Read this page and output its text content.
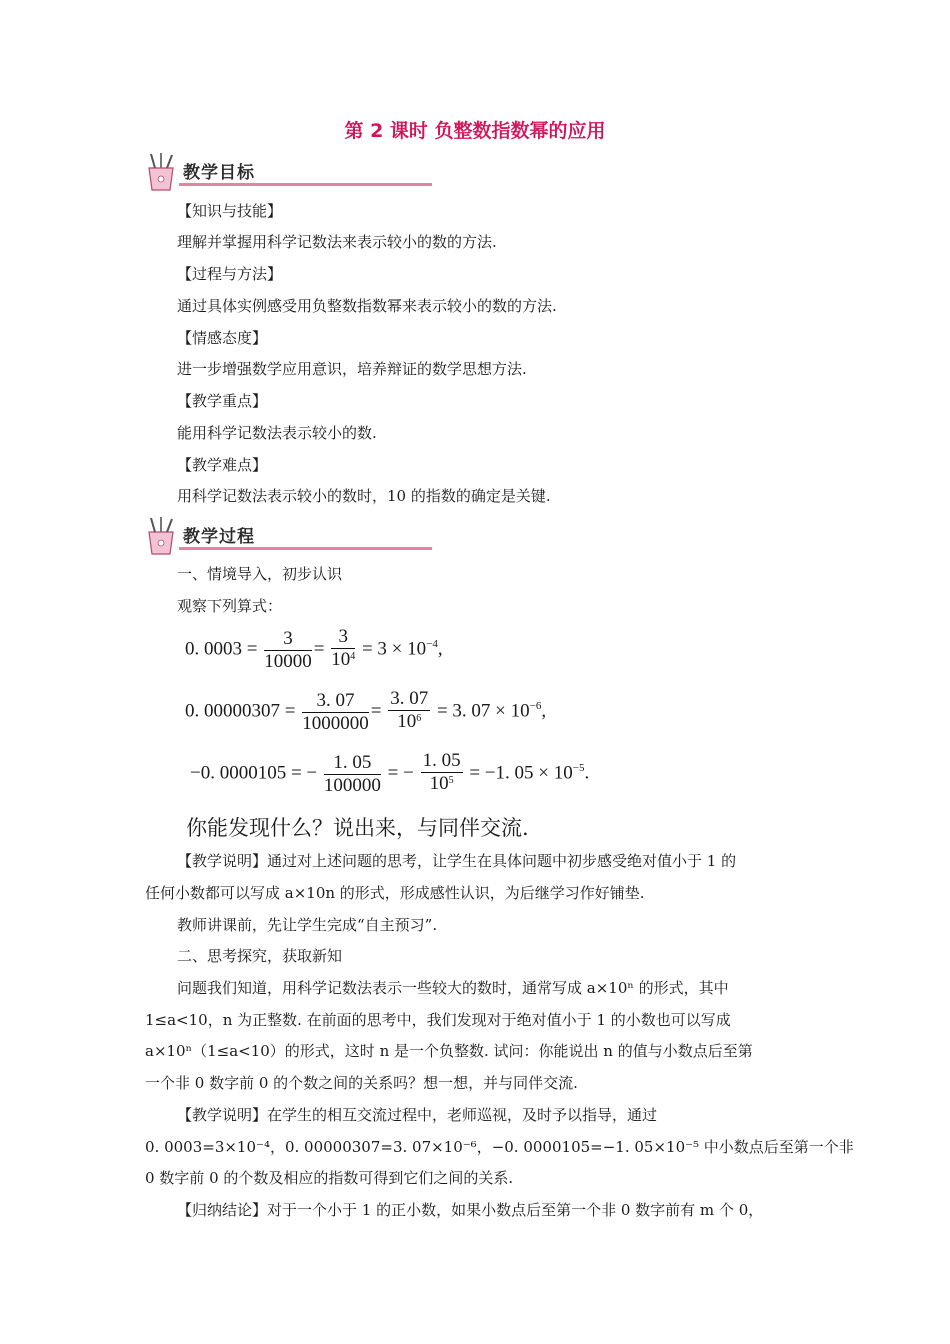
第 2 课时 负整数指数幂的应用
教学目标
【知识与技能】
理解并掌握用科学记数法来表示较小的数的方法.
【过程与方法】
通过具体实例感受用负整数指数幂来表示较小的数的方法.
【情感态度】
进一步增强数学应用意识，培养辩证的数学思想方法.
【教学重点】
能用科学记数法表示较小的数.
【教学难点】
用科学记数法表示较小的数时，10 的指数的确定是关键.
教学过程
一、情境导入，初步认识
观察下列算式：
0. $0003 = \frac{3}{10000} = \frac{3}{10^4} = 3 \times 10^{-4}$,
0. $00000307 = \frac{3. 07}{1000000} = \frac{3. 07}{10^6} = 3$. $07 \times 10^{-6}$,
−0. 0000105 = − $\frac{1. 05}{100000}$ = − $\frac{1. 05}{10^5} = -1$. $05 \times 10^{-5}$.
你能发现什么？说出来，与同伴交流.
【教学说明】通过对上述问题的思考，让学生在具体问题中初步感受绝对值小于 1 的
任何小数都可以写成 a×10n 的形式，形成感性认识，为后继学习作好铺垫.
教师讲课前，先让学生完成“自主预习”.
二、思考探究，获取新知
问题我们知道，用科学记数法表示一些较大的数时，通常写成 a×10ⁿ 的形式，其中
1≤a<10，n 为正整数. 在前面的思考中，我们发现对于绝对值小于 1 的小数也可以写成
a×10ⁿ（1≤a<10）的形式，这时 n 是一个负整数. 试问：你能说出 n 的值与小数点后至第
一个非 0 数字前 0 的个数之间的关系吗？想一想，并与同伴交流.
【教学说明】在学生的相互交流过程中，老师巡视，及时予以指导，通过
0. 0003=3×10⁻⁴，0. 00000307=3. 07×10⁻⁶，−0. 0000105=−1. 05×10⁻⁵ 中小数点后至第一个非
0 数字前 0 的个数及相应的指数可得到它们之间的关系.
【归纳结论】对于一个小于 1 的正小数，如果小数点后至第一个非 0 数字前有 m 个 0，
